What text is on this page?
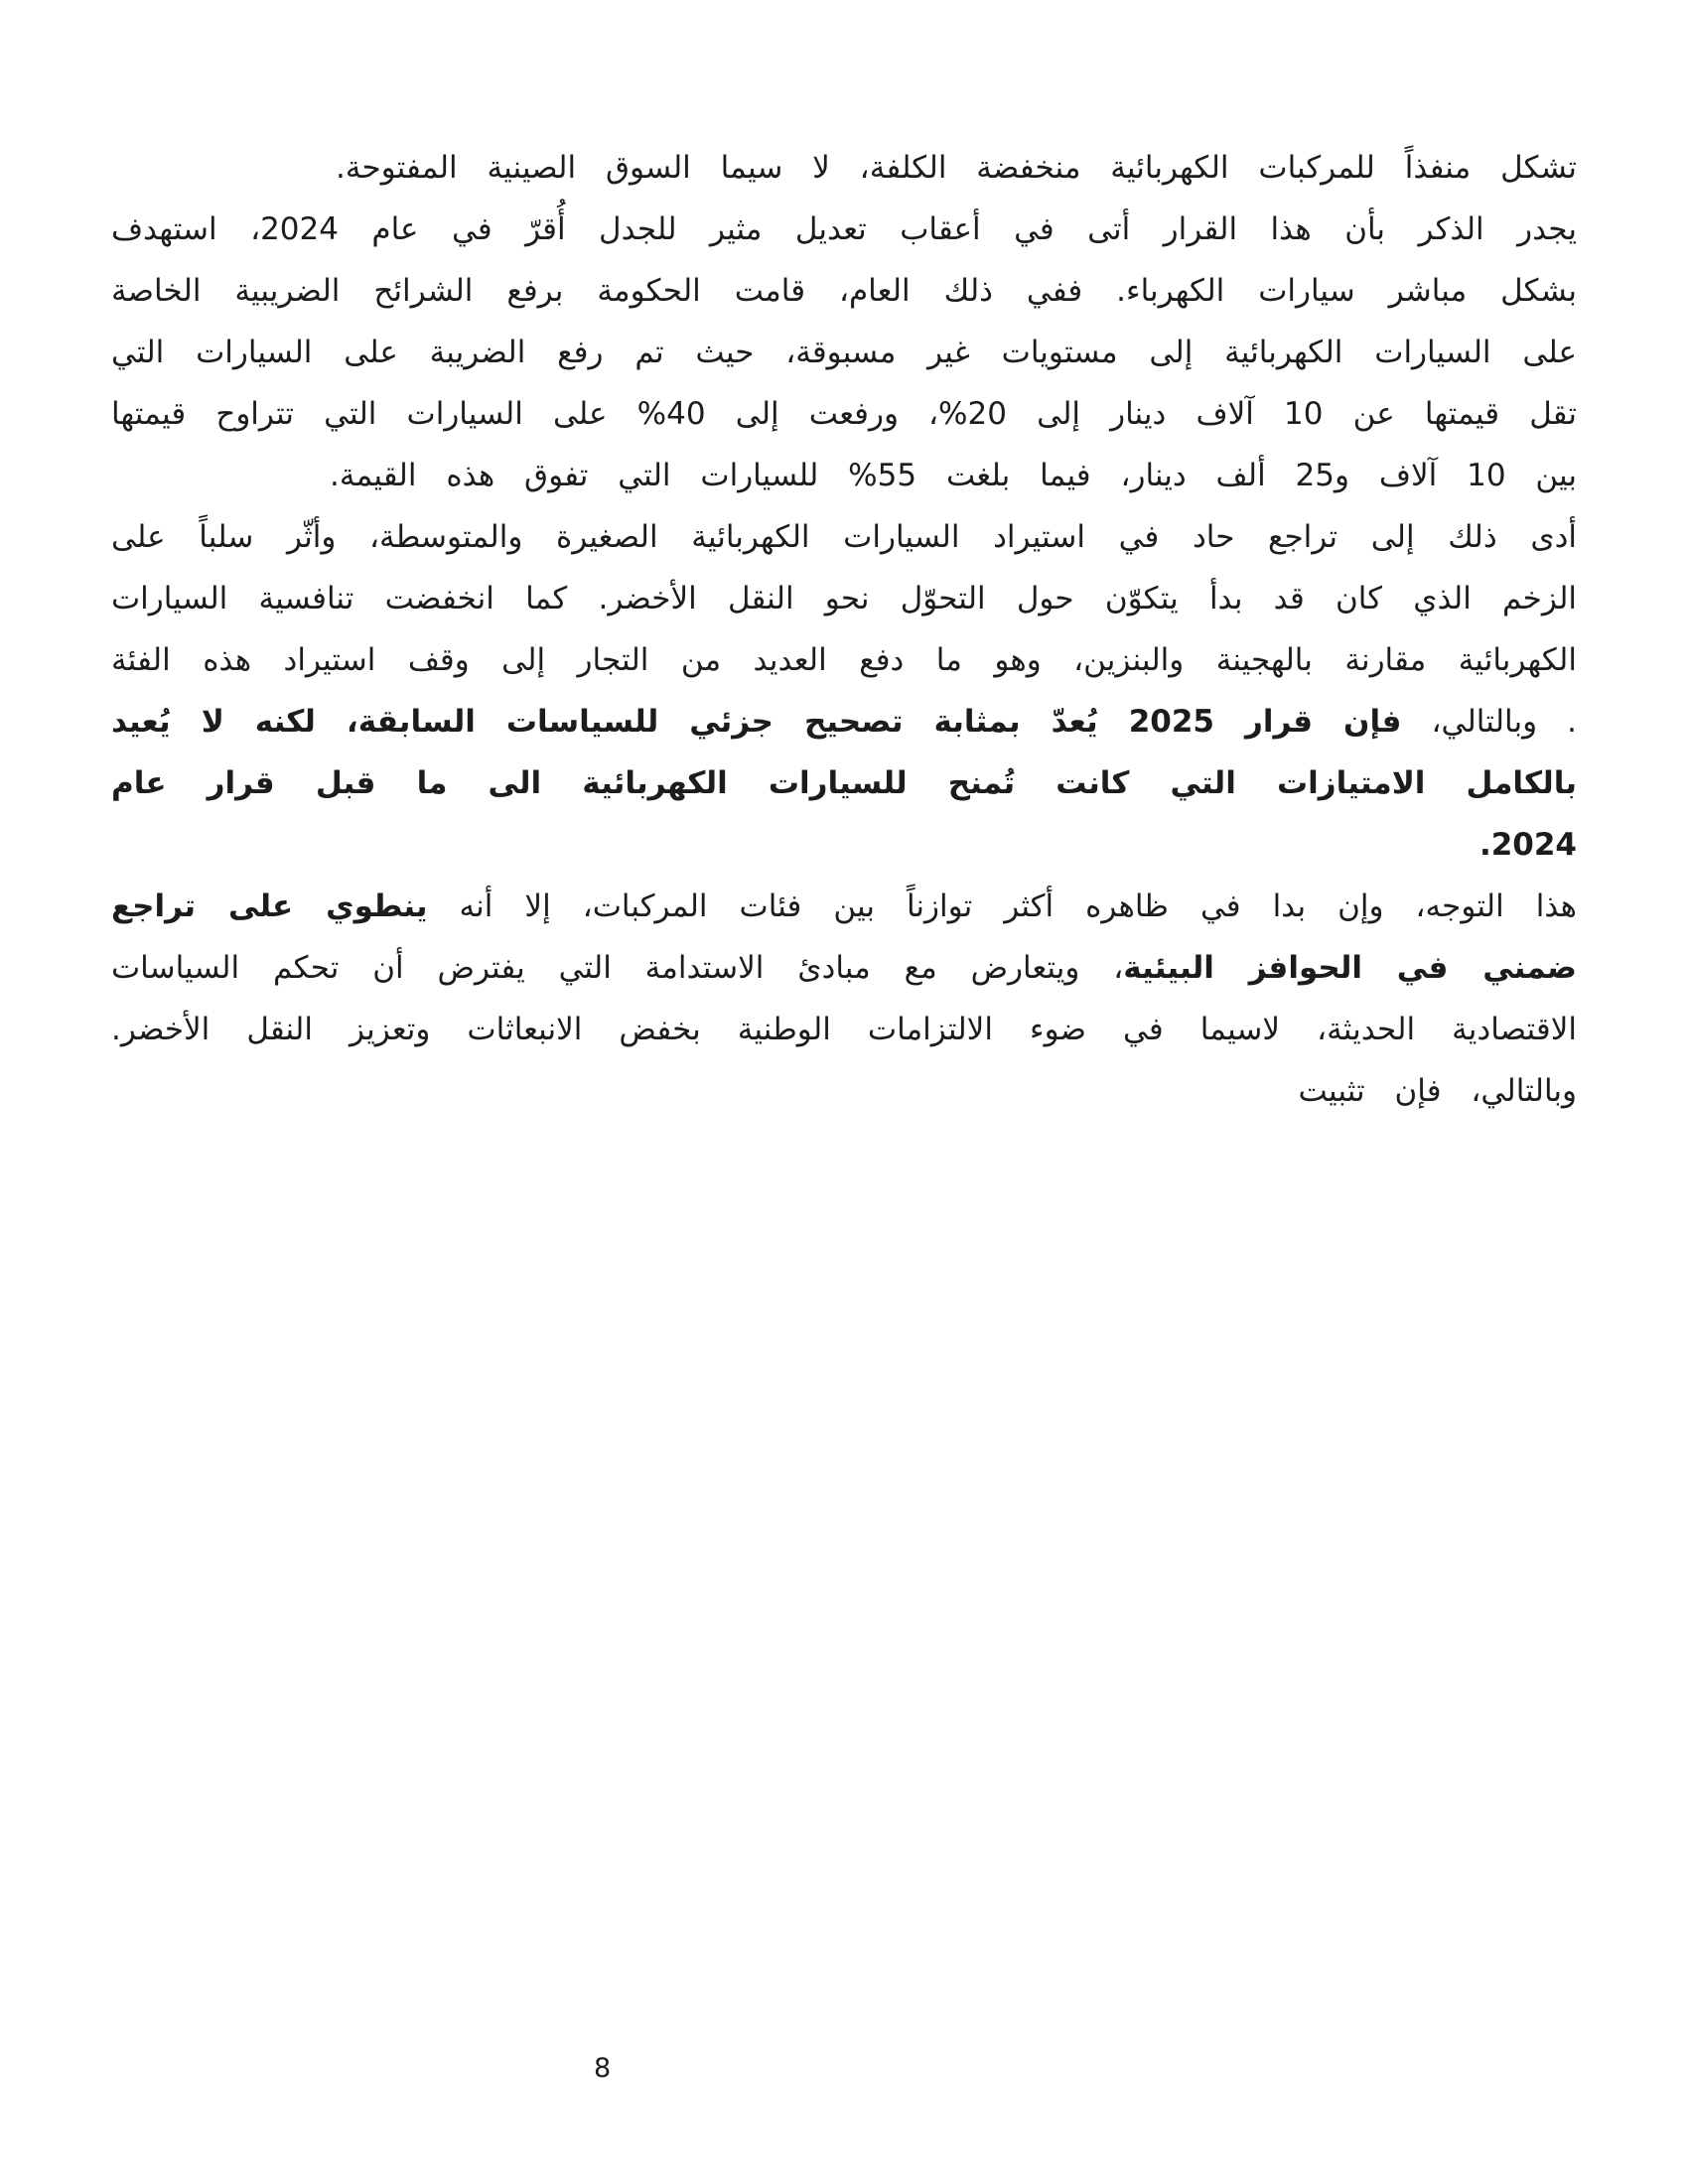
تشكل منفذاً للمركبات الكهربائية منخفضة الكلفة، لا سيما السوق الصينية المفتوحة.

يجدر الذكر بأن هذا القرار أتى في أعقاب تعديل مثير للجدل أُقرّ في عام 2024، استهدف بشكل مباشر سيارات الكهرباء. ففي ذلك العام، قامت الحكومة برفع الشرائح الضريبية الخاصة على السيارات الكهربائية إلى مستويات غير مسبوقة، حيث تم رفع الضريبة على السيارات التي تقل قيمتها عن 10 آلاف دينار إلى 20%، ورفعت إلى 40% على السيارات التي تتراوح قيمتها بين 10 آلاف و25 ألف دينار، فيما بلغت 55% للسيارات التي تفوق هذه القيمة.

أدى ذلك إلى تراجع حاد في استيراد السيارات الكهربائية الصغيرة والمتوسطة، وأثّر سلباً على الزخم الذي كان قد بدأ يتكوّن حول التحوّل نحو النقل الأخضر. كما انخفضت تنافسية السيارات الكهربائية مقارنة بالهجينة والبنزين، وهو ما دفع العديد من التجار إلى وقف استيراد هذه الفئة . وبالتالي، فإن قرار 2025 يُعدّ بمثابة تصحيح جزئي للسياسات السابقة، لكنه لا يُعيد بالكامل الامتيازات التي كانت تُمنح للسيارات الكهربائية الى ما قبل قرار عام 2024.

هذا التوجه، وإن بدا في ظاهره أكثر توازناً بين فئات المركبات، إلا أنه ينطوي على تراجع ضمني في الحوافز البيئية، ويتعارض مع مبادئ الاستدامة التي يفترض أن تحكم السياسات الاقتصادية الحديثة، لاسيما في ضوء الالتزامات الوطنية بخفض الانبعاثات وتعزيز النقل الأخضر. وبالتالي، فإن تثبيت

8
